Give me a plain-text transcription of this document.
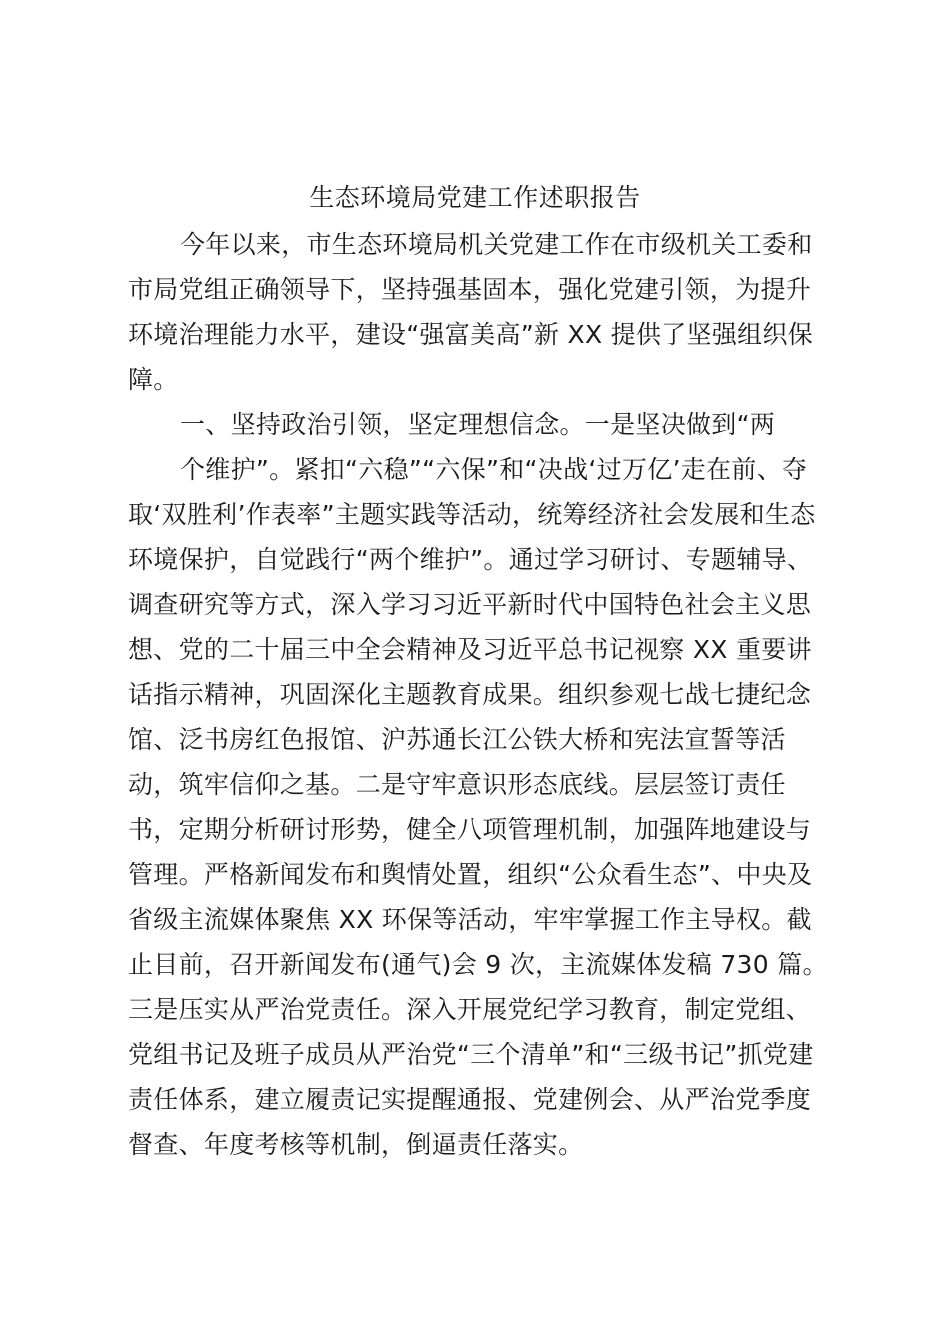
生态环境局党建工作述职报告
今年以来，市生态环境局机关党建工作在市级机关工委和
市局党组正确领导下，坚持强基固本，强化党建引领，为提升
环境治理能力水平，建设“强富美高”新 XX 提供了坚强组织保
障。
一、坚持政治引领，坚定理想信念。一是坚决做到“两
个维护”。紧扣“六稳”“六保”和“决战‘过万亿’走在前、夺
取‘双胜利’作表率”主题实践等活动，统筹经济社会发展和生态
环境保护，自觉践行“两个维护”。通过学习研讨、专题辅导、
调查研究等方式，深入学习习近平新时代中国特色社会主义思
想、党的二十届三中全会精神及习近平总书记视察 XX 重要讲
话指示精神，巩固深化主题教育成果。组织参观七战七捷纪念
馆、泛书房红色报馆、沪苏通长江公铁大桥和宪法宣誓等活
动，筑牢信仰之基。二是守牢意识形态底线。层层签订责任
书，定期分析研讨形势，健全八项管理机制，加强阵地建设与
管理。严格新闻发布和舆情处置，组织“公众看生态”、中央及
省级主流媒体聚焦 XX 环保等活动，牢牢掌握工作主导权。截
止目前，召开新闻发布(通气)会 9 次，主流媒体发稿 730 篇。
三是压实从严治党责任。深入开展党纪学习教育，制定党组、
党组书记及班子成员从严治党“三个清单”和“三级书记”抓党建
责任体系，建立履责记实提醒通报、党建例会、从严治党季度
督查、年度考核等机制，倒逼责任落实。
